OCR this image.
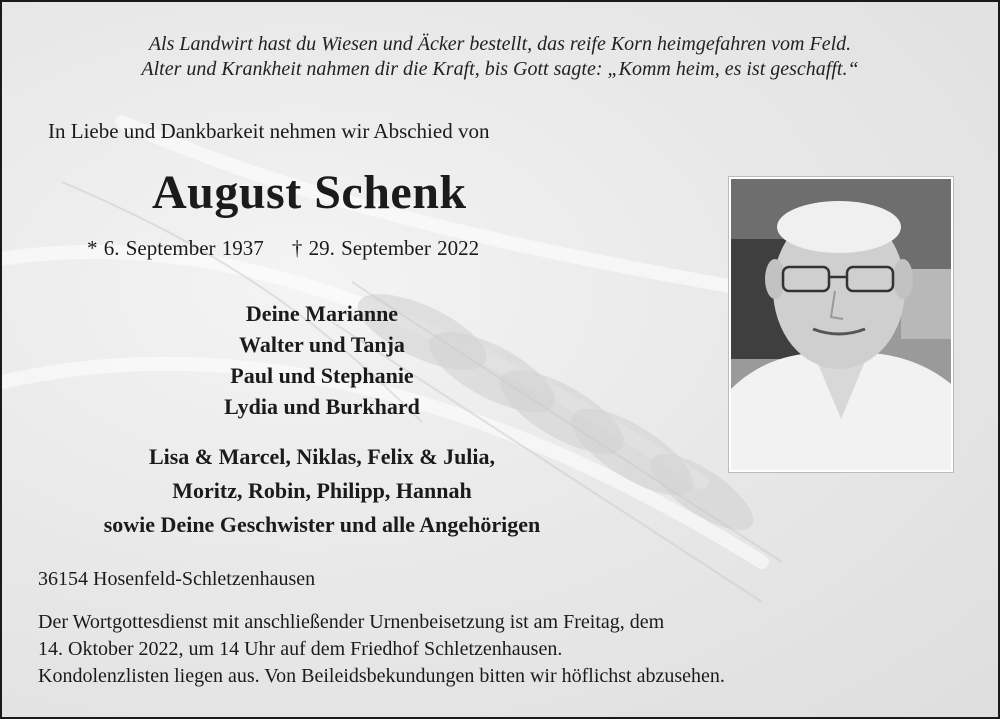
Als Landwirt hast du Wiesen und Äcker bestellt, das reife Korn heimgefahren vom Feld.
Alter und Krankheit nahmen dir die Kraft, bis Gott sagte: „Komm heim, es ist geschafft.“
In Liebe und Dankbarkeit nehmen wir Abschied von
August Schenk
* 6. September 1937 † 29. September 2022
Deine Marianne
Walter und Tanja
Paul und Stephanie
Lydia und Burkhard
Lisa & Marcel, Niklas, Felix & Julia,
Moritz, Robin, Philipp, Hannah
sowie Deine Geschwister und alle Angehörigen
36154 Hosenfeld-Schletzenhausen
Der Wortgottesdienst mit anschließender Urnenbeisetzung ist am Freitag, dem
14. Oktober 2022, um 14 Uhr auf dem Friedhof Schletzenhausen.
Kondolenzlisten liegen aus. Von Beileidsbekundungen bitten wir höflichst abzusehen.
